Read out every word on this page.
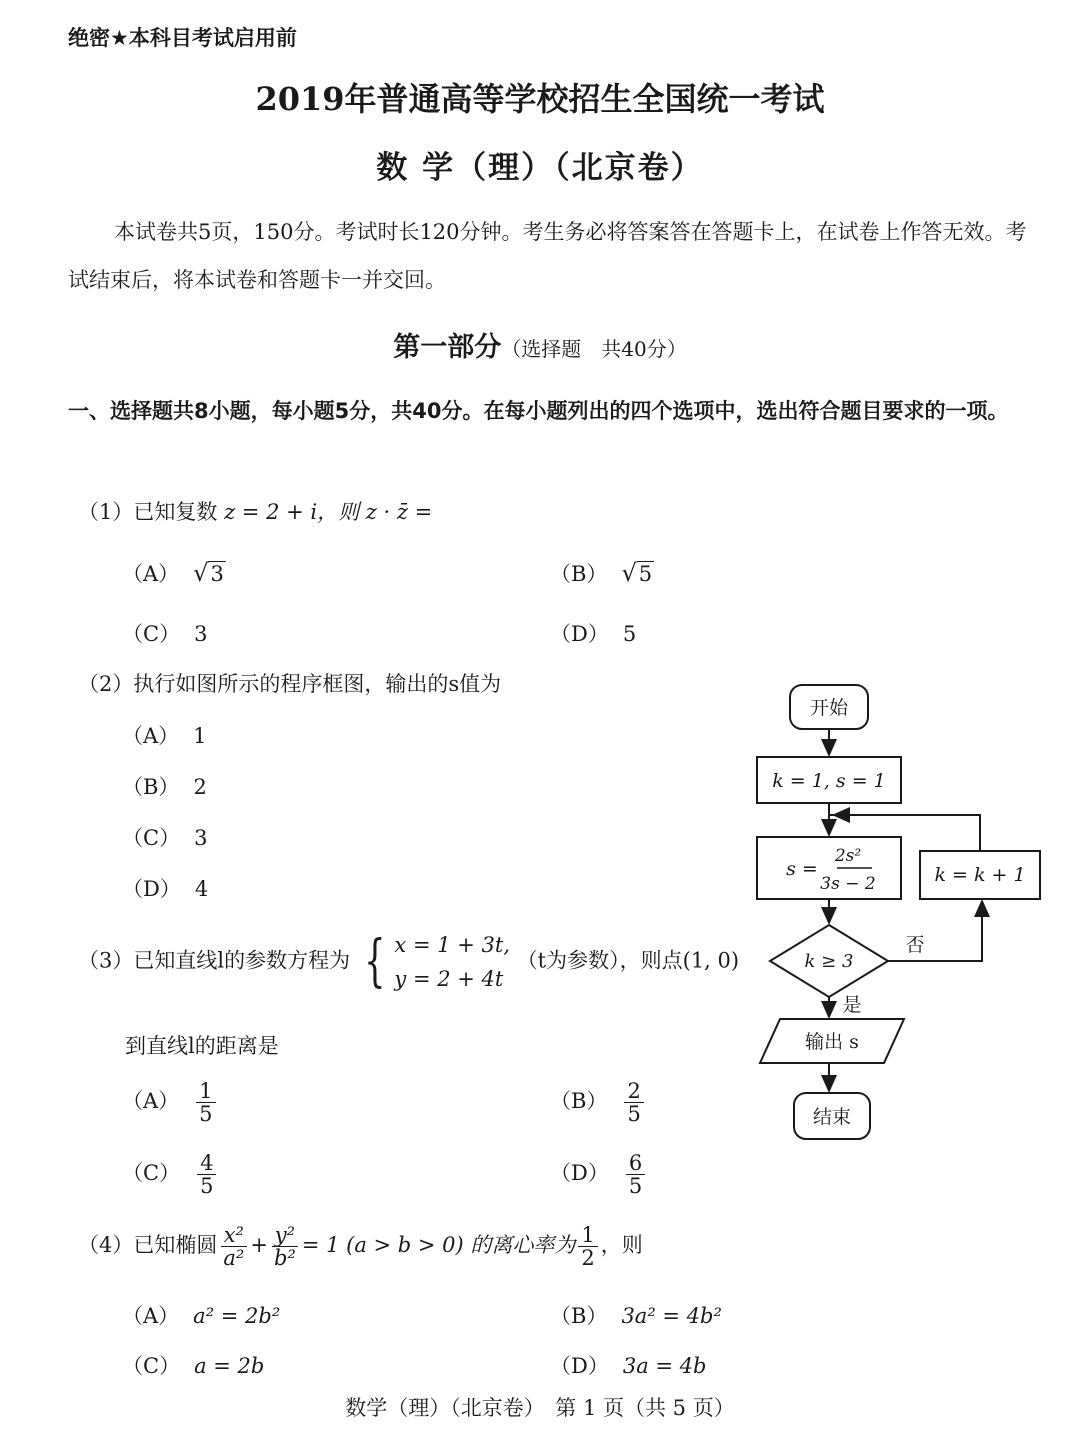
绝密★本科目考试启用前
2019年普通高等学校招生全国统一考试
数 学（理）（北京卷）
本试卷共5页，150分。考试时长120分钟。考生务必将答案答在答题卡上，在试卷上作答无效。考试结束后，将本试卷和答题卡一并交回。
第一部分（选择题　共40分）
一、选择题共8小题，每小题5分，共40分。在每小题列出的四个选项中，选出符合题目要求的一项。
（1）已知复数 z = 2 + i，则 z · z̄ =
（A） √3	（B） √5
（C） 3	（D） 5
（2）执行如图所示的程序框图，输出的s值为
（A） 1
（B） 2
（C） 3
（D） 4
开始
k = 1, s = 1
s =
2s²
3s − 2	k = k + 1
k ≥ 3
否
是
输出 s
结束
（3）已知直线l的参数方程为 { x = 1 + 3t,
y = 2 + 4t
（t为参数），则点(1, 0)
到直线l的距离是
$(A) \frac{1}{5}$	$(B) \frac{2}{5}$
$(C) \frac{4}{5}$	$(D) \frac{6}{5}$
（4）已知椭圆 $\frac{\text{x²}}{\text{a²}} + \frac{\text{y²}}{\text{b²}} = 1$ (a > b > 0) 的离心率为 $\frac{1}{2}$ ，则
（A） a² = 2b²	（B） 3a² = 4b²
（C） a = 2b	（D） 3a = 4b
数学（理）（北京卷）　第 1 页（共 5 页）
